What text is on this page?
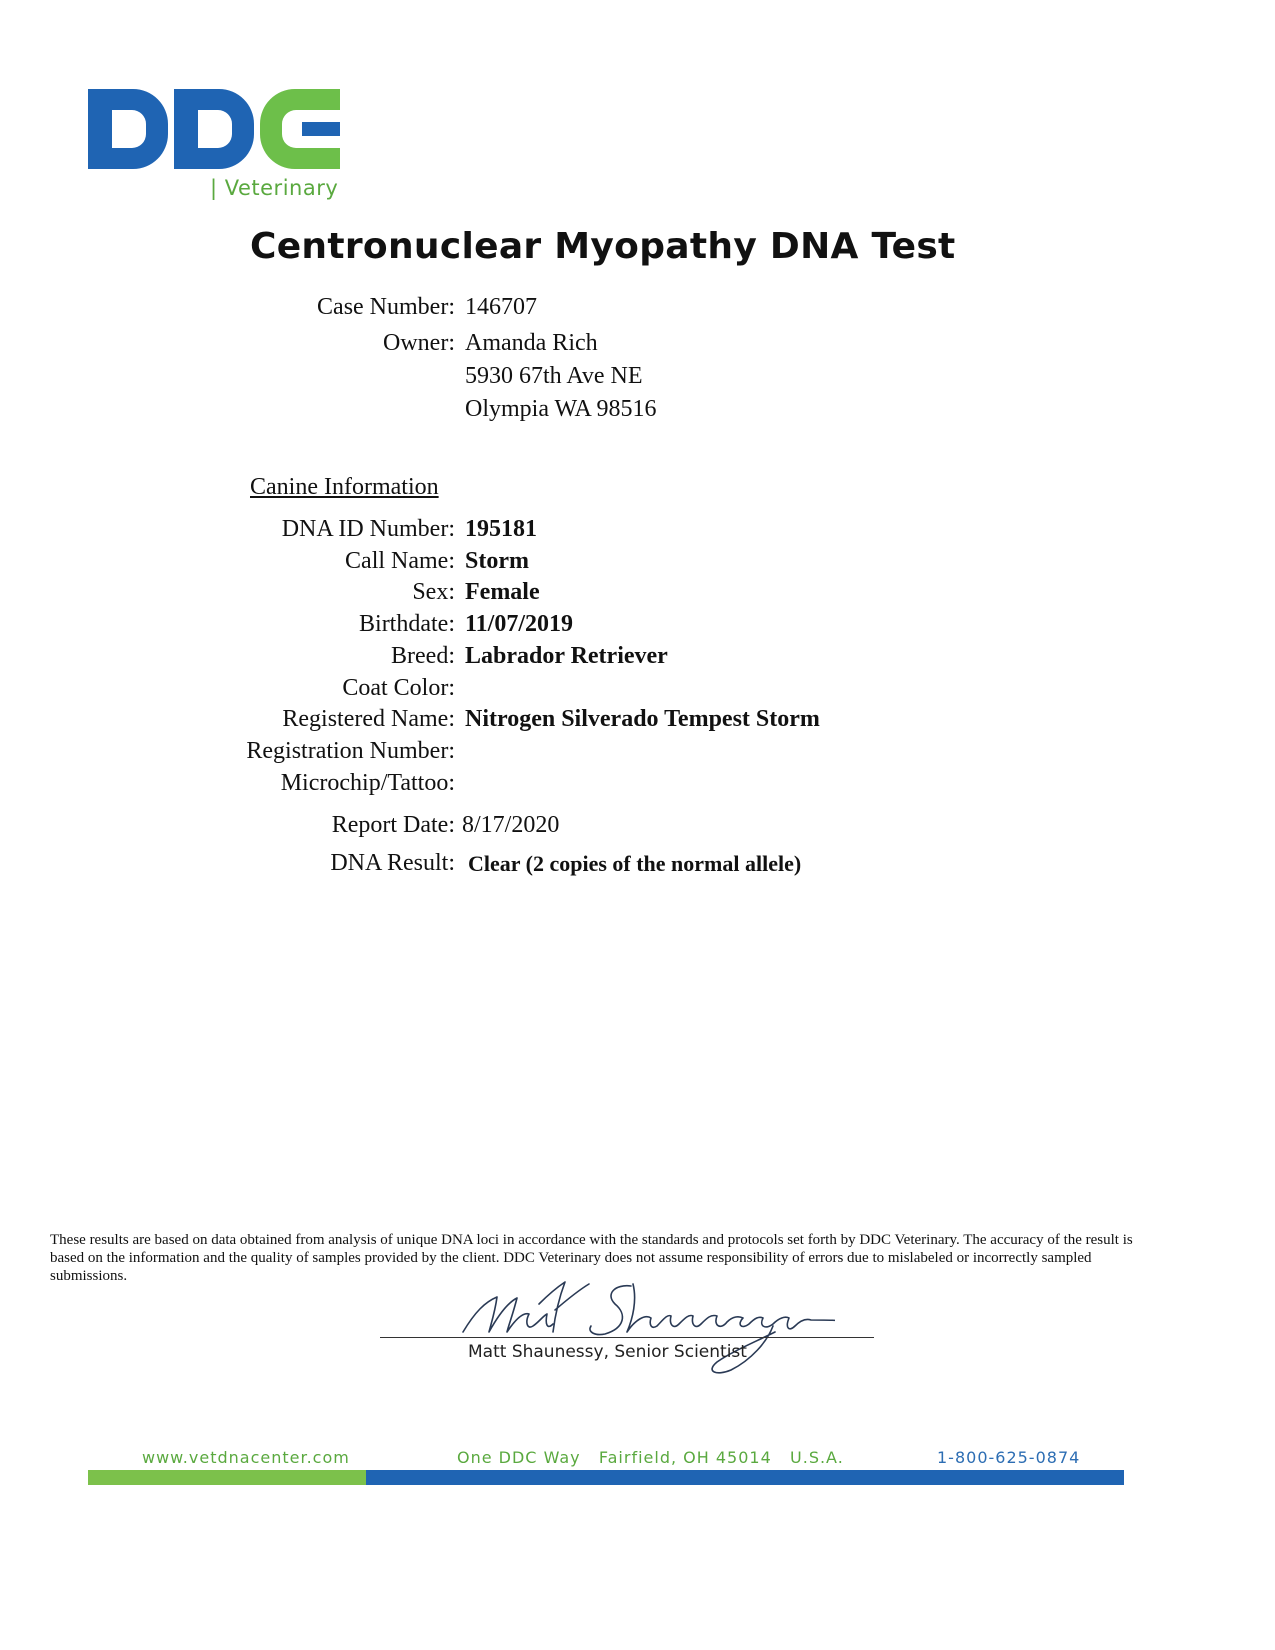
| Veterinary
Centronuclear Myopathy DNA Test
Case Number: 146707
Owner: Amanda Rich
5930 67th Ave NE
Olympia WA 98516
Canine Information
DNA ID Number: 195181
Call Name: Storm
Sex: Female
Birthdate: 11/07/2019
Breed: Labrador Retriever
Coat Color:
Registered Name: Nitrogen Silverado Tempest Storm
Registration Number:
Microchip/Tattoo:
Report Date: 8/17/2020
DNA Result: Clear (2 copies of the normal allele)
These results are based on data obtained from analysis of unique DNA loci in accordance with the standards and protocols set forth by DDC Veterinary. The accuracy of the result is based on the information and the quality of samples provided by the client. DDC Veterinary does not assume responsibility of errors due to mislabeled or incorrectly sampled submissions.
Matt Shaunessy, Senior Scientist
www.vetdnacenter.com	One DDC Way   Fairfield, OH 45014   U.S.A.	1-800-625-0874
